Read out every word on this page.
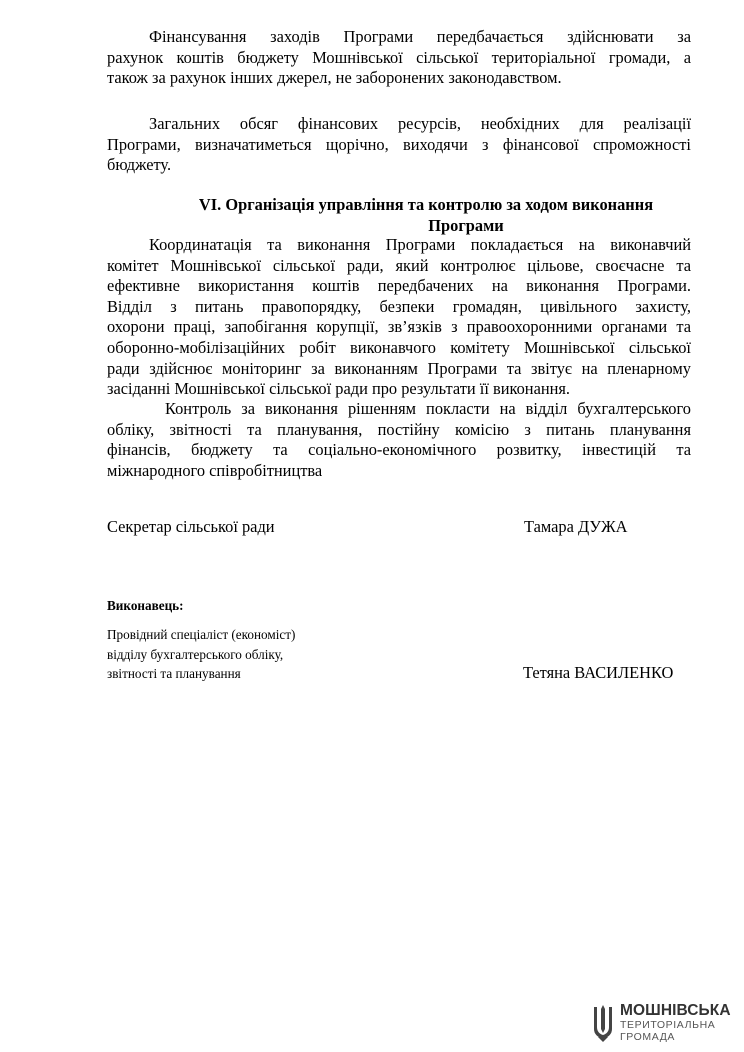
Фінансування заходів Програми передбачається здійснювати за
рахунок коштів бюджету Мошнівської сільської територіальної громади, а
також за рахунок інших джерел, не заборонених законодавством.
Загальних обсяг фінансових ресурсів, необхідних для реалізації
Програми, визначатиметься щорічно, виходячи з фінансової спроможності
бюджету.
VI. Організація управління та контролю за ходом виконання
Програми
Координатація та виконання Програми покладається на виконавчий
комітет Мошнівської сільської ради, який контролює цільове, своєчасне та
ефективне використання коштів передбачених на виконання Програми.
Відділ з питань правопорядку, безпеки громадян, цивільного захисту,
охорони праці, запобігання корупції, зв’язків з правоохоронними органами та
оборонно-мобілізаційних робіт виконавчого комітету Мошнівської сільської
ради здійснює моніторинг за виконанням Програми та звітує на пленарному
засіданні Мошнівської сільської ради про результати її виконання.
Контроль за виконання рішенням покласти на відділ бухгалтерського
обліку, звітності та планування, постійну комісію з питань планування
фінансів, бюджету та соціально-економічного розвитку, інвестицій та
міжнародного співробітництва
Секретар сільської ради	Тамара ДУЖА
Виконавець:
Провідний спеціаліст (економіст)
відділу бухгалтерського обліку,
звітності та планування	Тетяна ВАСИЛЕНКО
МОШНІВСЬКА
ТЕРИТОРІАЛЬНА
ГРОМАДА
